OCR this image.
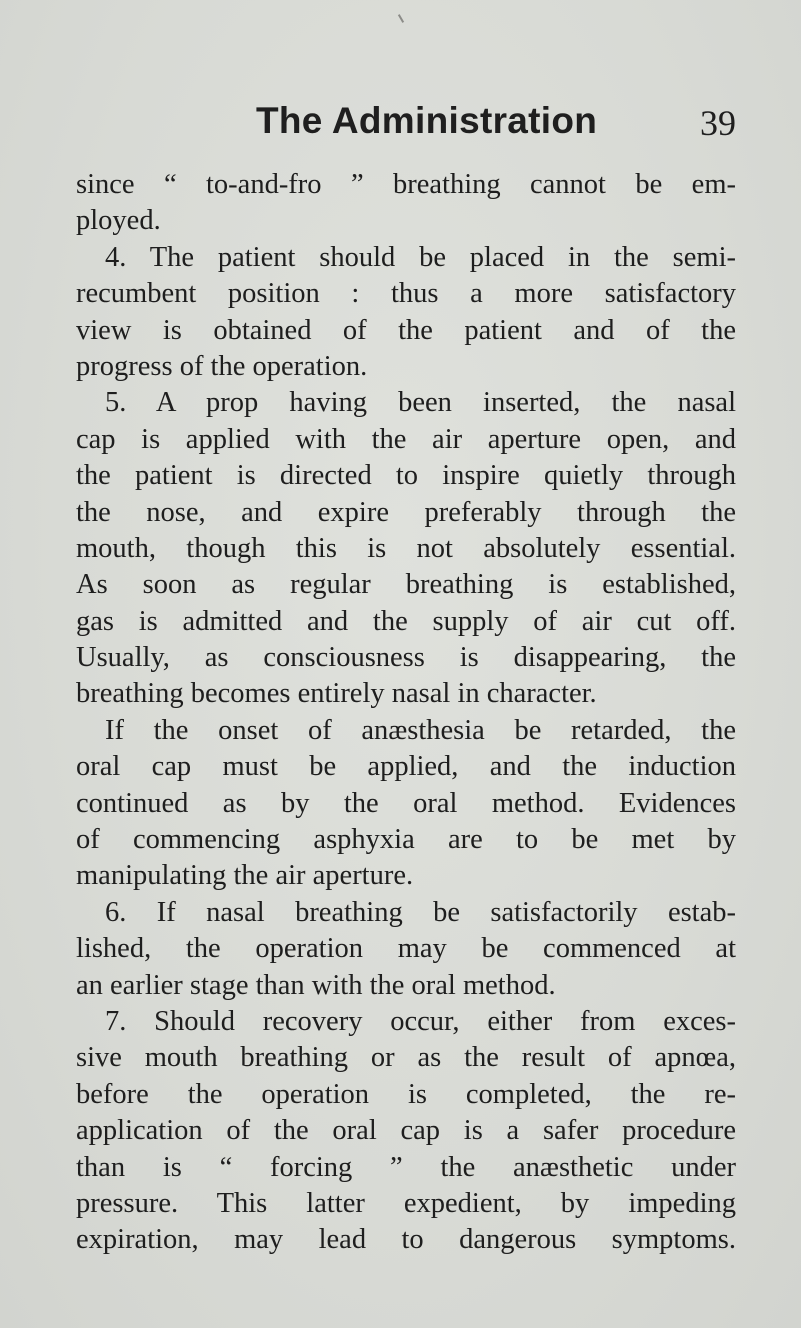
The Administration	39
since “ to-and-fro ” breathing cannot be em-
ployed.
4. The patient should be placed in the semi-
recumbent position : thus a more satisfactory
view is obtained of the patient and of the
progress of the operation.
5. A prop having been inserted, the nasal
cap is applied with the air aperture open, and
the patient is directed to inspire quietly through
the nose, and expire preferably through the
mouth, though this is not absolutely essential.
As soon as regular breathing is established,
gas is admitted and the supply of air cut off.
Usually, as consciousness is disappearing, the
breathing becomes entirely nasal in character.
If the onset of anæsthesia be retarded, the
oral cap must be applied, and the induction
continued as by the oral method. Evidences
of commencing asphyxia are to be met by
manipulating the air aperture.
6. If nasal breathing be satisfactorily estab-
lished, the operation may be commenced at
an earlier stage than with the oral method.
7. Should recovery occur, either from exces-
sive mouth breathing or as the result of apnœa,
before the operation is completed, the re-
application of the oral cap is a safer procedure
than is “ forcing ” the anæsthetic under
pressure. This latter expedient, by impeding
expiration, may lead to dangerous symptoms.
